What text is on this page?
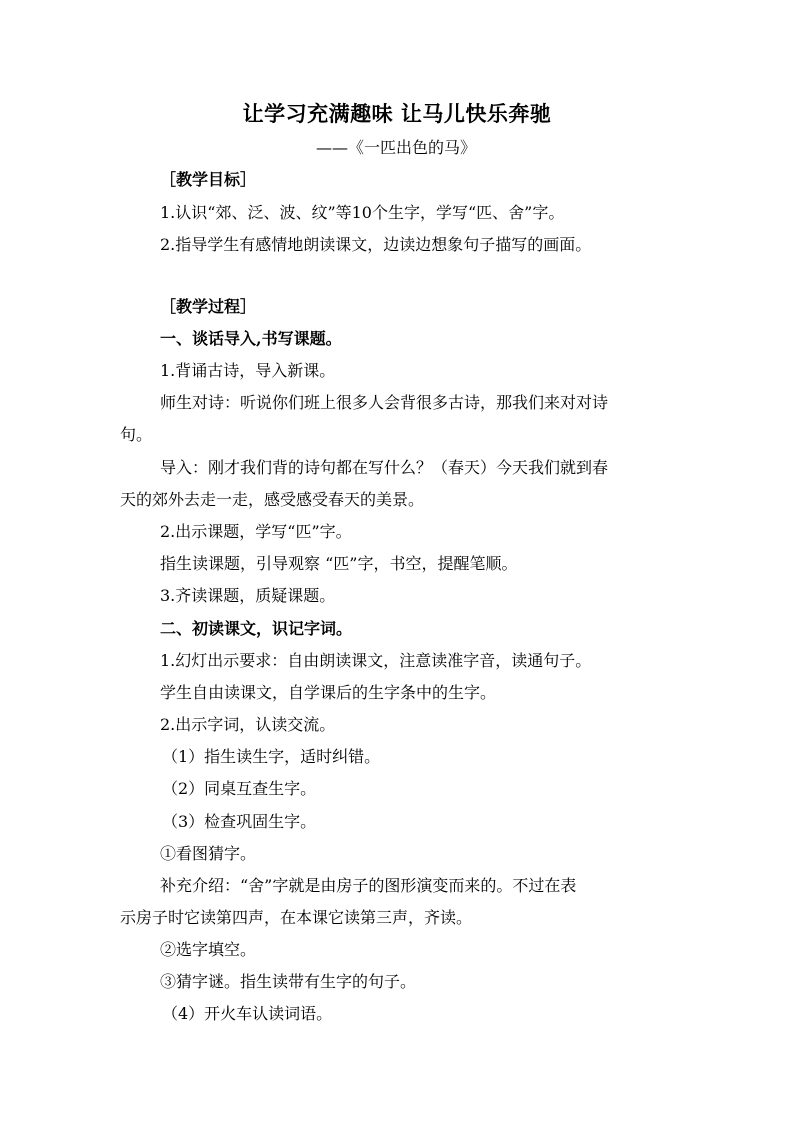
让学习充满趣味 让马儿快乐奔驰
——《一匹出色的马》
［教学目标］
1.认识“郊、泛、波、纹”等10个生字，学写“匹、舍”字。
2.指导学生有感情地朗读课文，边读边想象句子描写的画面。
［教学过程］
一、谈话导入,书写课题。
1.背诵古诗，导入新课。
师生对诗：听说你们班上很多人会背很多古诗，那我们来对对诗
句。
导入：刚才我们背的诗句都在写什么？（春天）今天我们就到春
天的郊外去走一走，感受感受春天的美景。
2.出示课题，学写“匹”字。
指生读课题，引导观察 “匹”字，书空，提醒笔顺。
3.齐读课题，质疑课题。
二、初读课文，识记字词。
1.幻灯出示要求：自由朗读课文，注意读准字音，读通句子。
学生自由读课文，自学课后的生字条中的生字。
2.出示字词，认读交流。
（1）指生读生字，适时纠错。
（2）同桌互查生字。
（3）检查巩固生字。
①看图猜字。
补充介绍：“舍”字就是由房子的图形演变而来的。不过在表
示房子时它读第四声，在本课它读第三声，齐读。
②选字填空。
③猜字谜。指生读带有生字的句子。
（4）开火车认读词语。
